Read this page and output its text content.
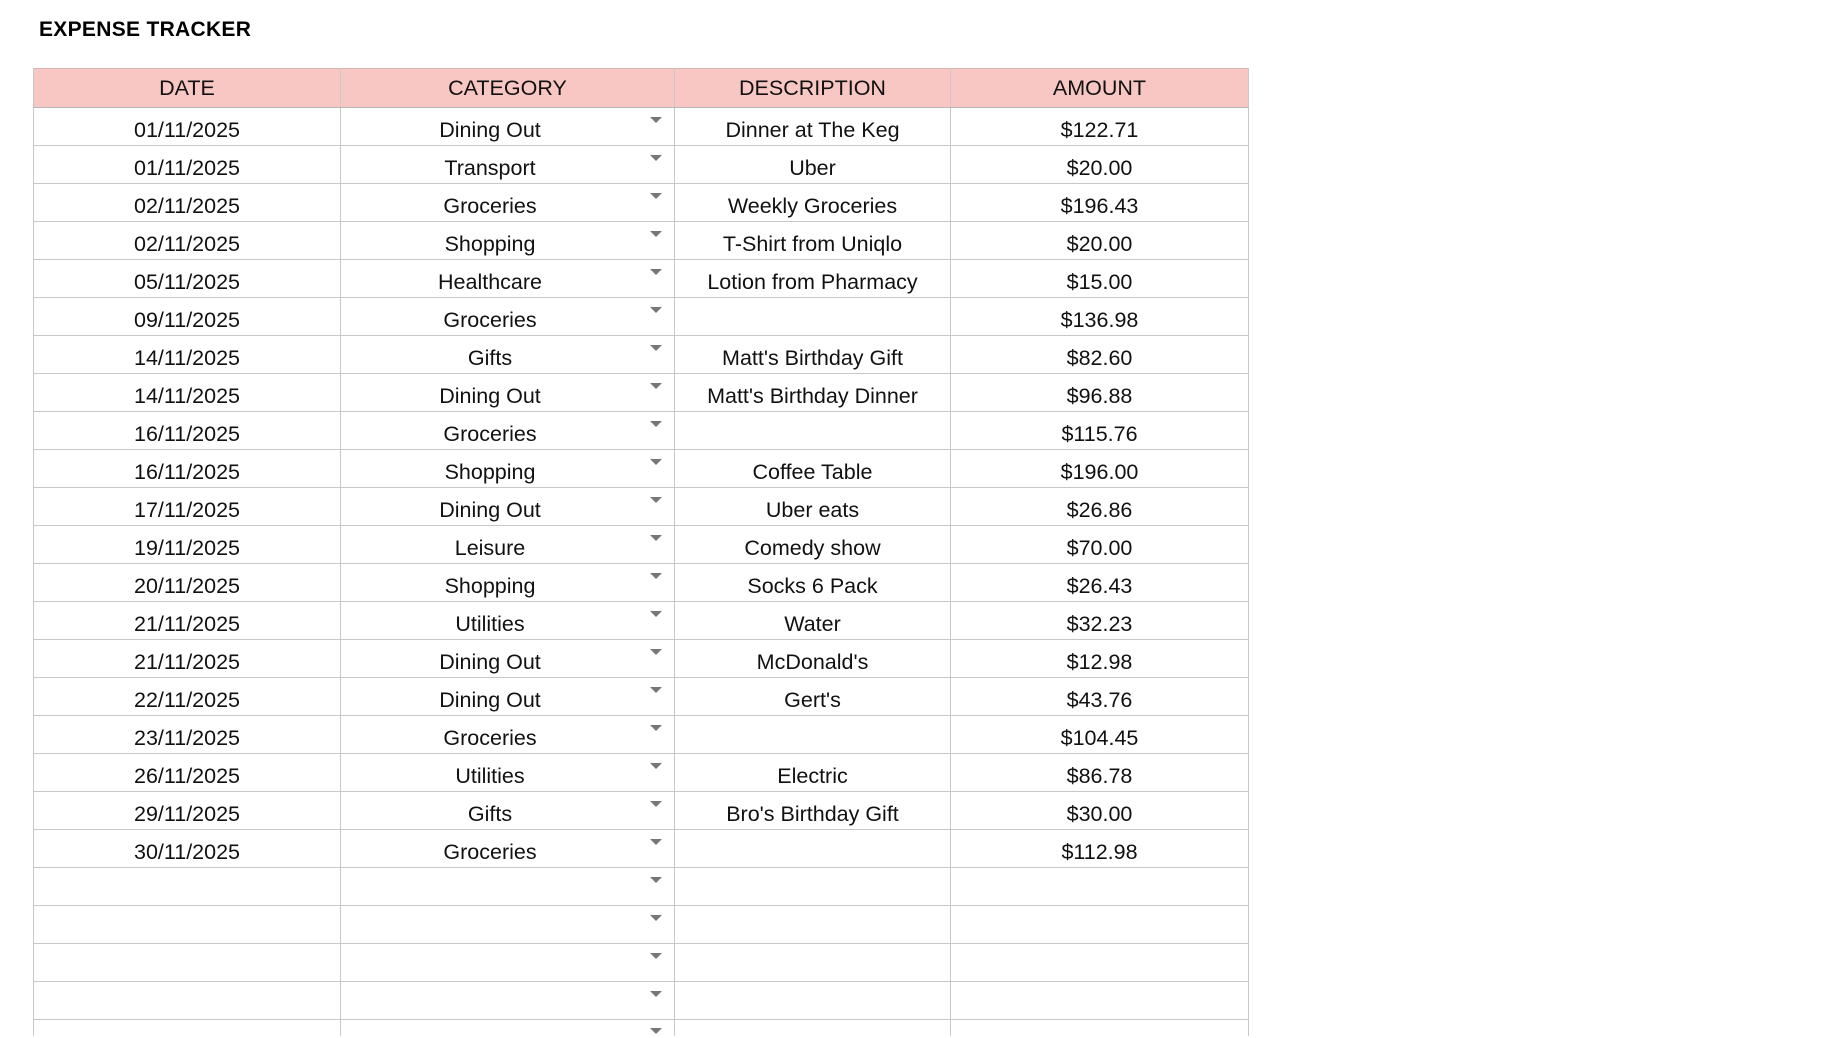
EXPENSE TRACKER
DATE	CATEGORY	DESCRIPTION	AMOUNT
01/11/2025	Dining Out	Dinner at The Keg	$122.71
01/11/2025	Transport	Uber	$20.00
02/11/2025	Groceries	Weekly Groceries	$196.43
02/11/2025	Shopping	T-Shirt from Uniqlo	$20.00
05/11/2025	Healthcare	Lotion from Pharmacy	$15.00
09/11/2025	Groceries		$136.98
14/11/2025	Gifts	Matt's Birthday Gift	$82.60
14/11/2025	Dining Out	Matt's Birthday Dinner	$96.88
16/11/2025	Groceries		$115.76
16/11/2025	Shopping	Coffee Table	$196.00
17/11/2025	Dining Out	Uber eats	$26.86
19/11/2025	Leisure	Comedy show	$70.00
20/11/2025	Shopping	Socks 6 Pack	$26.43
21/11/2025	Utilities	Water	$32.23
21/11/2025	Dining Out	McDonald's	$12.98
22/11/2025	Dining Out	Gert's	$43.76
23/11/2025	Groceries		$104.45
26/11/2025	Utilities	Electric	$86.78
29/11/2025	Gifts	Bro's Birthday Gift	$30.00
30/11/2025	Groceries		$112.98
